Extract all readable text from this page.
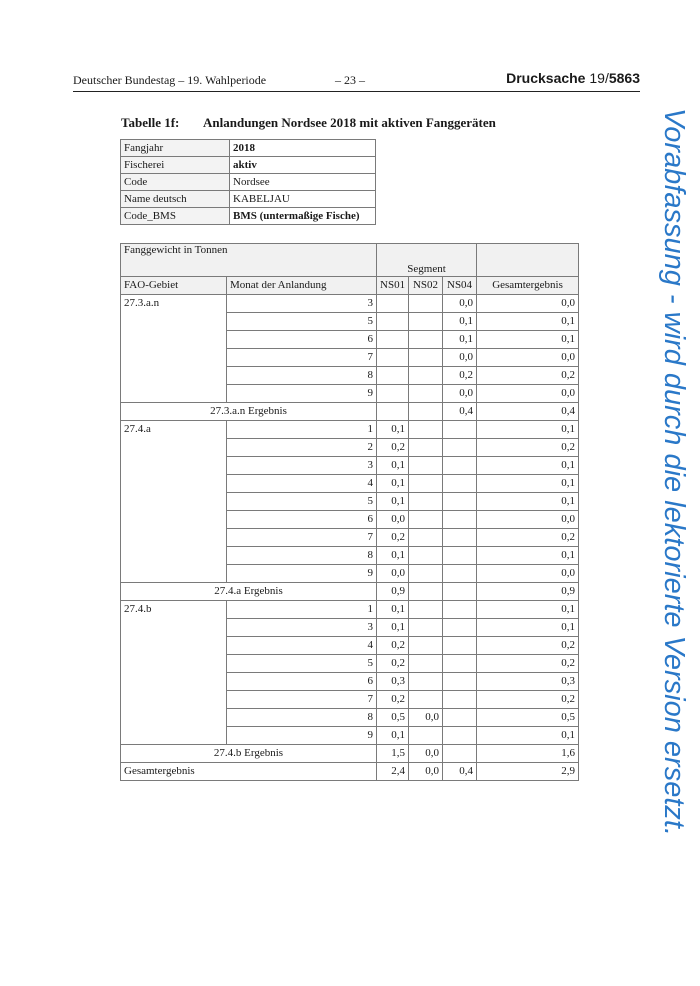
Deutscher Bundestag – 19. Wahlperiode	– 23 –	Drucksache 19/5863
Tabelle 1f: Anlandungen Nordsee 2018 mit aktiven Fanggeräten
Fangjahr	2018
Fischerei	aktiv
Code	Nordsee
Name deutsch	KABELJAU
Code_BMS	BMS (untermaßige Fische)
Fanggewicht in Tonnen		Segment			
FAO-Gebiet	Monat der Anlandung	NS01	NS02	NS04	Gesamtergebnis
27.3.a.n	3			0,0	0,0
	5			0,1	0,1
	6			0,1	0,1
	7			0,0	0,0
	8			0,2	0,2
	9			0,0	0,0
27.3.a.n Ergebnis				0,4	0,4
27.4.a	1	0,1			0,1
	2	0,2			0,2
	3	0,1			0,1
	4	0,1			0,1
	5	0,1			0,1
	6	0,0			0,0
	7	0,2			0,2
	8	0,1			0,1
	9	0,0			0,0
27.4.a Ergebnis		0,9			0,9
27.4.b	1	0,1			0,1
	3	0,1			0,1
	4	0,2			0,2
	5	0,2			0,2
	6	0,3			0,3
	7	0,2			0,2
	8	0,5	0,0		0,5
	9	0,1			0,1
27.4.b Ergebnis		1,5	0,0		1,6
Gesamtergebnis		2,4	0,0	0,4	2,9	Vorabfassung - wird durch die lektorierte Version ersetzt.
